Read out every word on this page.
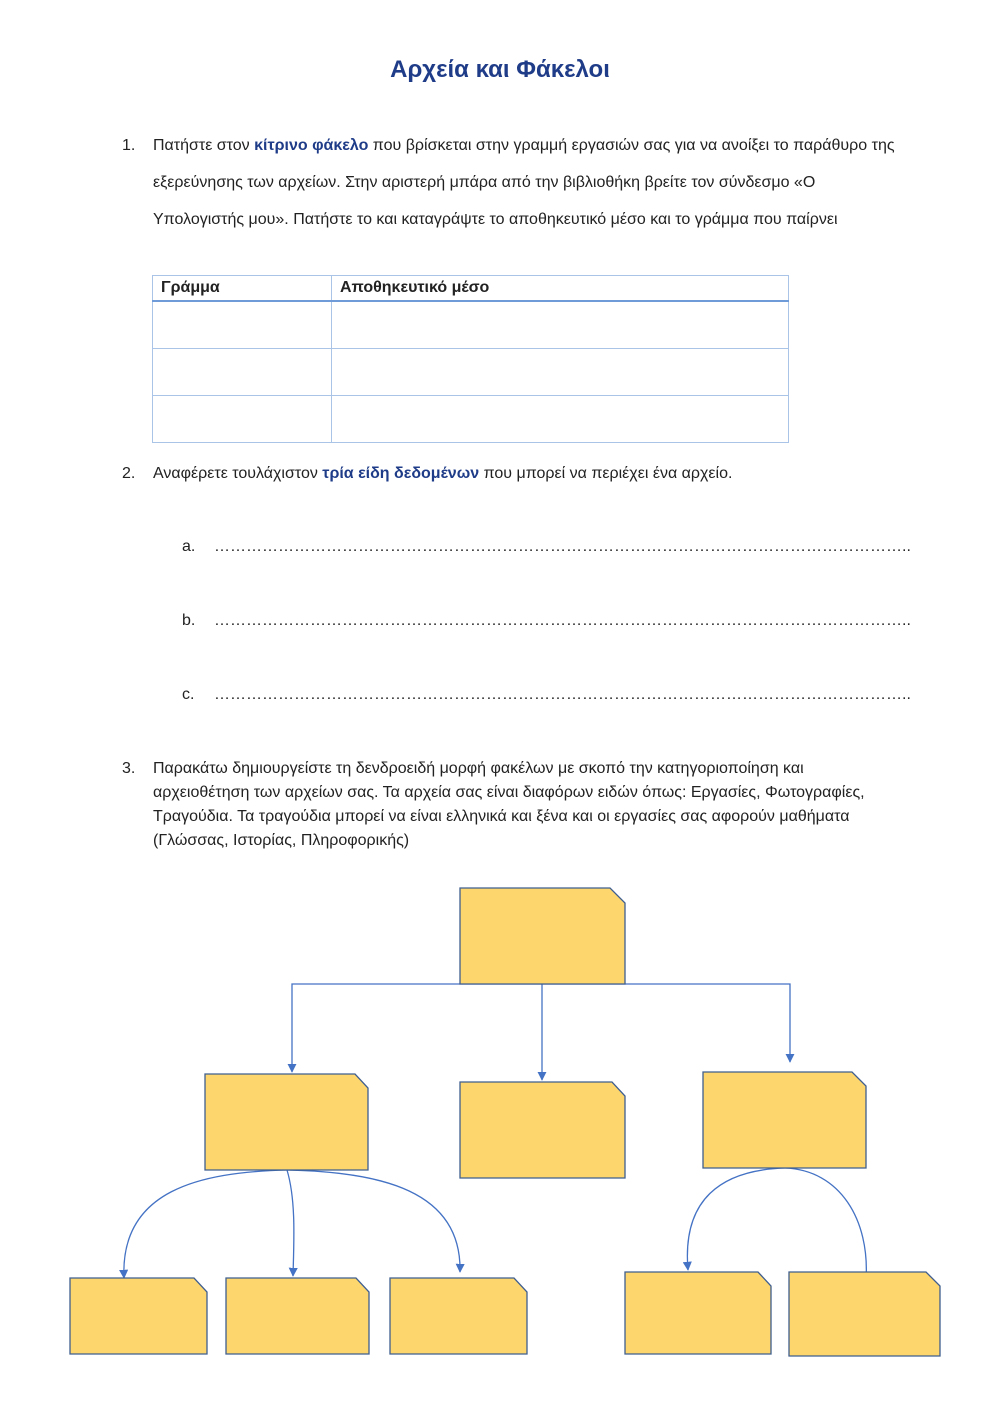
Αρχεία και Φάκελοι
1. Πατήστε στον κίτρινο φάκελο που βρίσκεται στην γραμμή εργασιών σας για να ανοίξει το παράθυρο της εξερεύνησης των αρχείων. Στην αριστερή μπάρα από την βιβλιοθήκη βρείτε τον σύνδεσμο «Ο Υπολογιστής μου». Πατήστε το και καταγράψτε το αποθηκευτικό μέσο και το γράμμα που παίρνει
Γράμμα	Αποθηκευτικό μέσο

2. Αναφέρετε τουλάχιστον τρία είδη δεδομένων που μπορεί να περιέχει ένα αρχείο.
a. …………………………………………………………………………………………………………………..
b. …………………………………………………………………………………………………………………..
c. …………………………………………………………………………………………………………………..
3. Παρακάτω δημιουργείστε τη δενδροειδή μορφή φακέλων με σκοπό την κατηγοριοποίηση και αρχειοθέτηση των αρχείων σας. Τα αρχεία σας είναι διαφόρων ειδών όπως: Εργασίες, Φωτογραφίες, Τραγούδια. Τα τραγούδια μπορεί να είναι ελληνικά και ξένα και οι εργασίες σας αφορούν μαθήματα (Γλώσσας, Ιστορίας, Πληροφορικής)
